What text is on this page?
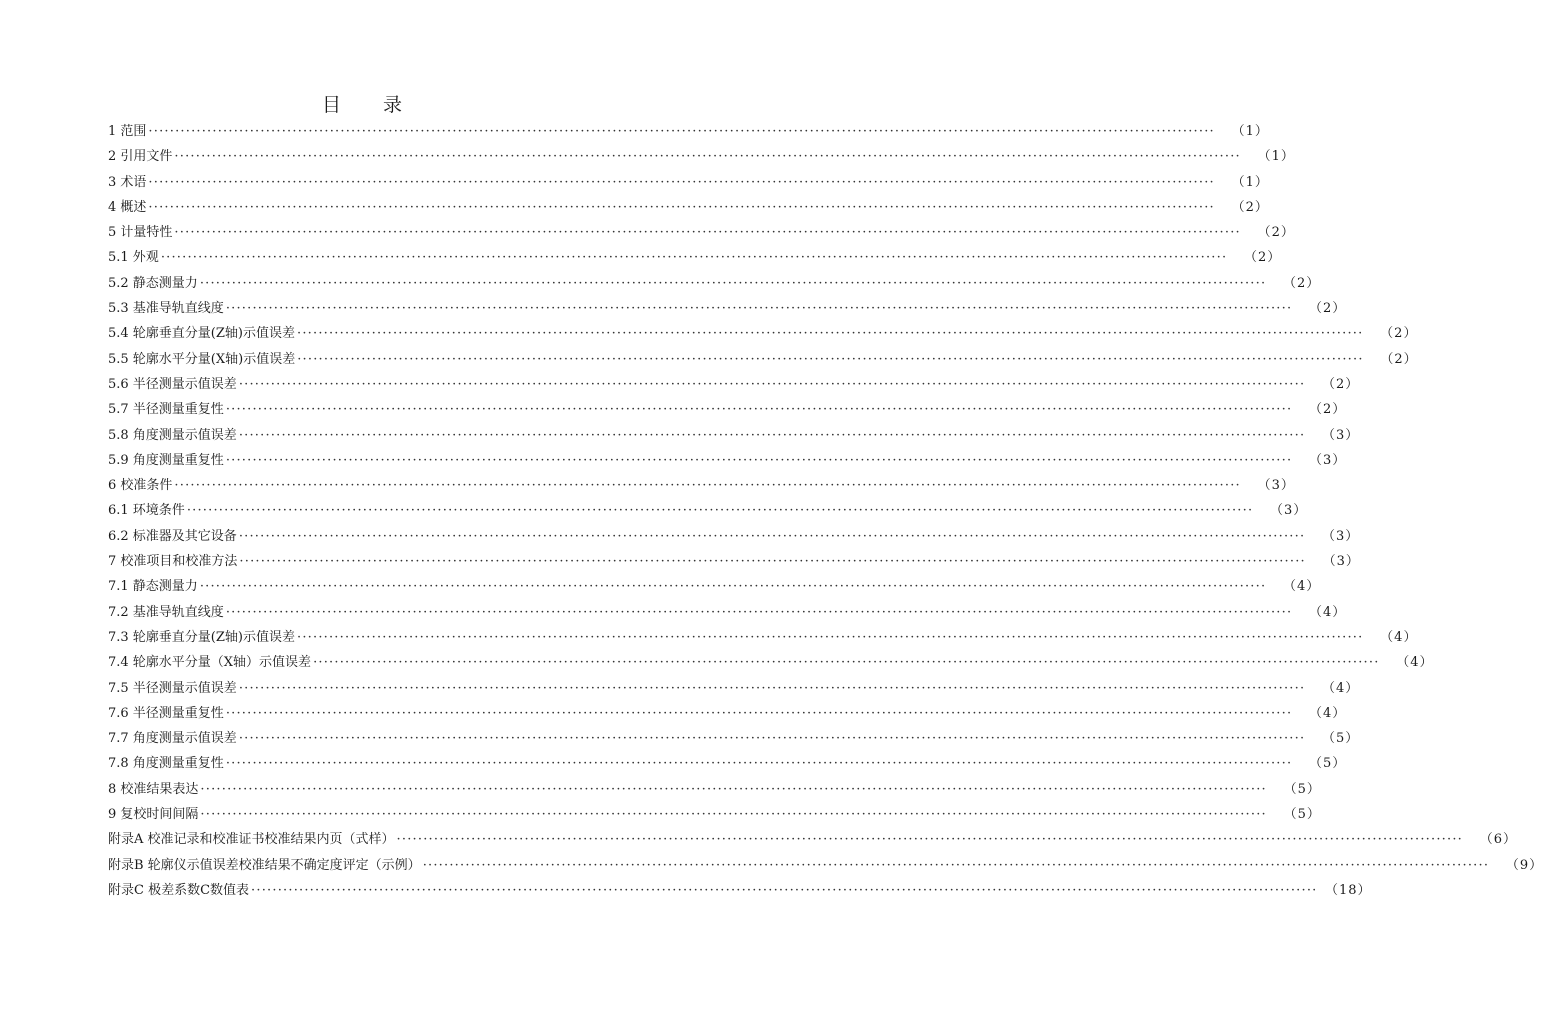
目 录
1 范围 ········································································································································································································	（1）
2 引用文件 ········································································································································································································	（1）
3 术语 ········································································································································································································	（1）
4 概述 ········································································································································································································	（2）
5 计量特性 ········································································································································································································	（2）
5.1 外观 ········································································································································································································	（2）
5.2 静态测量力 ········································································································································································································	（2）
5.3 基准导轨直线度 ········································································································································································································	（2）
5.4 轮廓垂直分量(Z轴)示值误差 ········································································································································································································	（2）
5.5 轮廓水平分量(X轴)示值误差 ········································································································································································································	（2）
5.6 半径测量示值误差 ········································································································································································································	（2）
5.7 半径测量重复性 ········································································································································································································	（2）
5.8 角度测量示值误差 ········································································································································································································	（3）
5.9 角度测量重复性 ········································································································································································································	（3）
6 校准条件 ········································································································································································································	（3）
6.1 环境条件 ········································································································································································································	（3）
6.2 标准器及其它设备 ········································································································································································································	（3）
7 校准项目和校准方法 ········································································································································································································	（3）
7.1 静态测量力 ········································································································································································································	（4）
7.2 基准导轨直线度 ········································································································································································································	（4）
7.3 轮廓垂直分量(Z轴)示值误差 ········································································································································································································	（4）
7.4 轮廓水平分量（X轴）示值误差 ········································································································································································································	（4）
7.5 半径测量示值误差 ········································································································································································································	（4）
7.6 半径测量重复性 ········································································································································································································	（4）
7.7 角度测量示值误差 ········································································································································································································	（5）
7.8 角度测量重复性 ········································································································································································································	（5）
8 校准结果表达 ········································································································································································································	（5）
9 复校时间间隔 ········································································································································································································	（5）
附录A 校准记录和校准证书校准结果内页（式样） ········································································································································································································	（6）
附录B 轮廓仪示值误差校准结果不确定度评定（示例） ········································································································································································································	（9）
附录C 极差系数C数值表 ········································································································································································································ （18）
